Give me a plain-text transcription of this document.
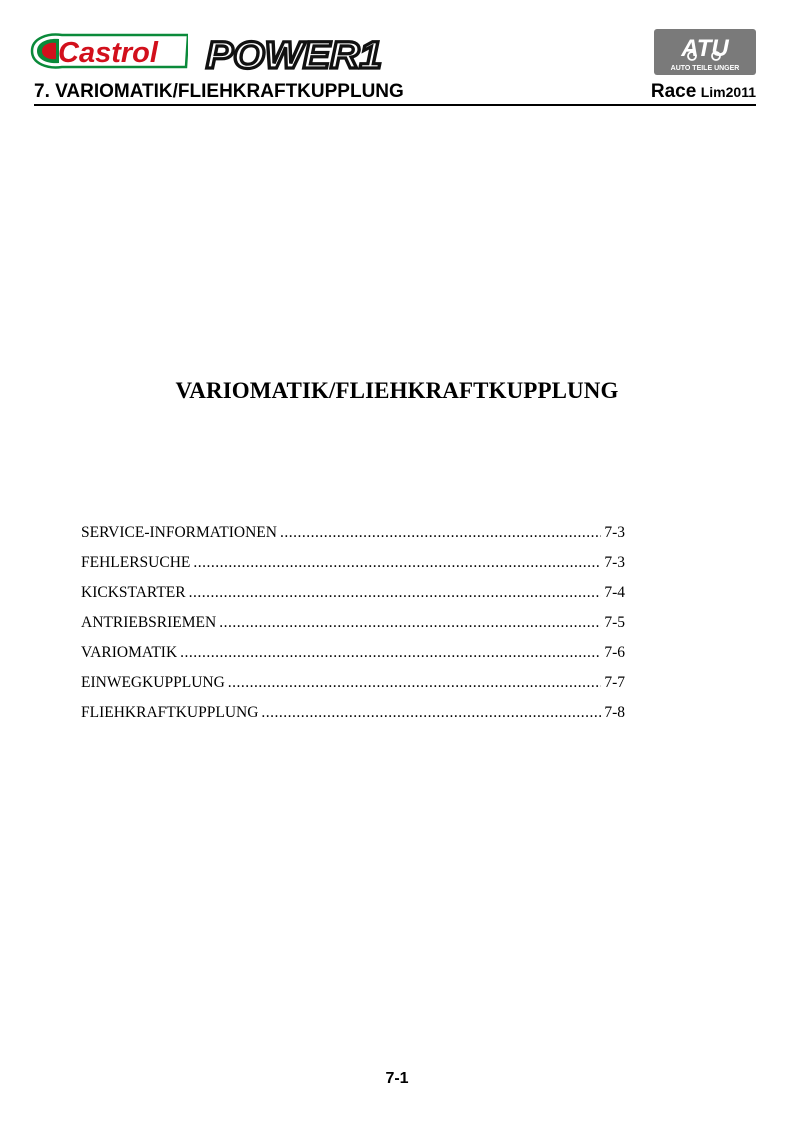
Castrol POWER1	ATU
AUTO TEILE UNGER
7. VARIOMATIK/FLIEHKRAFTKUPPLUNG	Race Lim2011
VARIOMATIK/FLIEHKRAFTKUPPLUNG
SERVICE-INFORMATIONEN .....	7-3
FEHLERSUCHE .....	7-3
KICKSTARTER .....	7-4
ANTRIEBSRIEMEN .....	7-5
VARIOMATIK .....	7-6
EINWEGKUPPLUNG .....	7-7
FLIEHKRAFTKUPPLUNG .....	7-8
7-1
